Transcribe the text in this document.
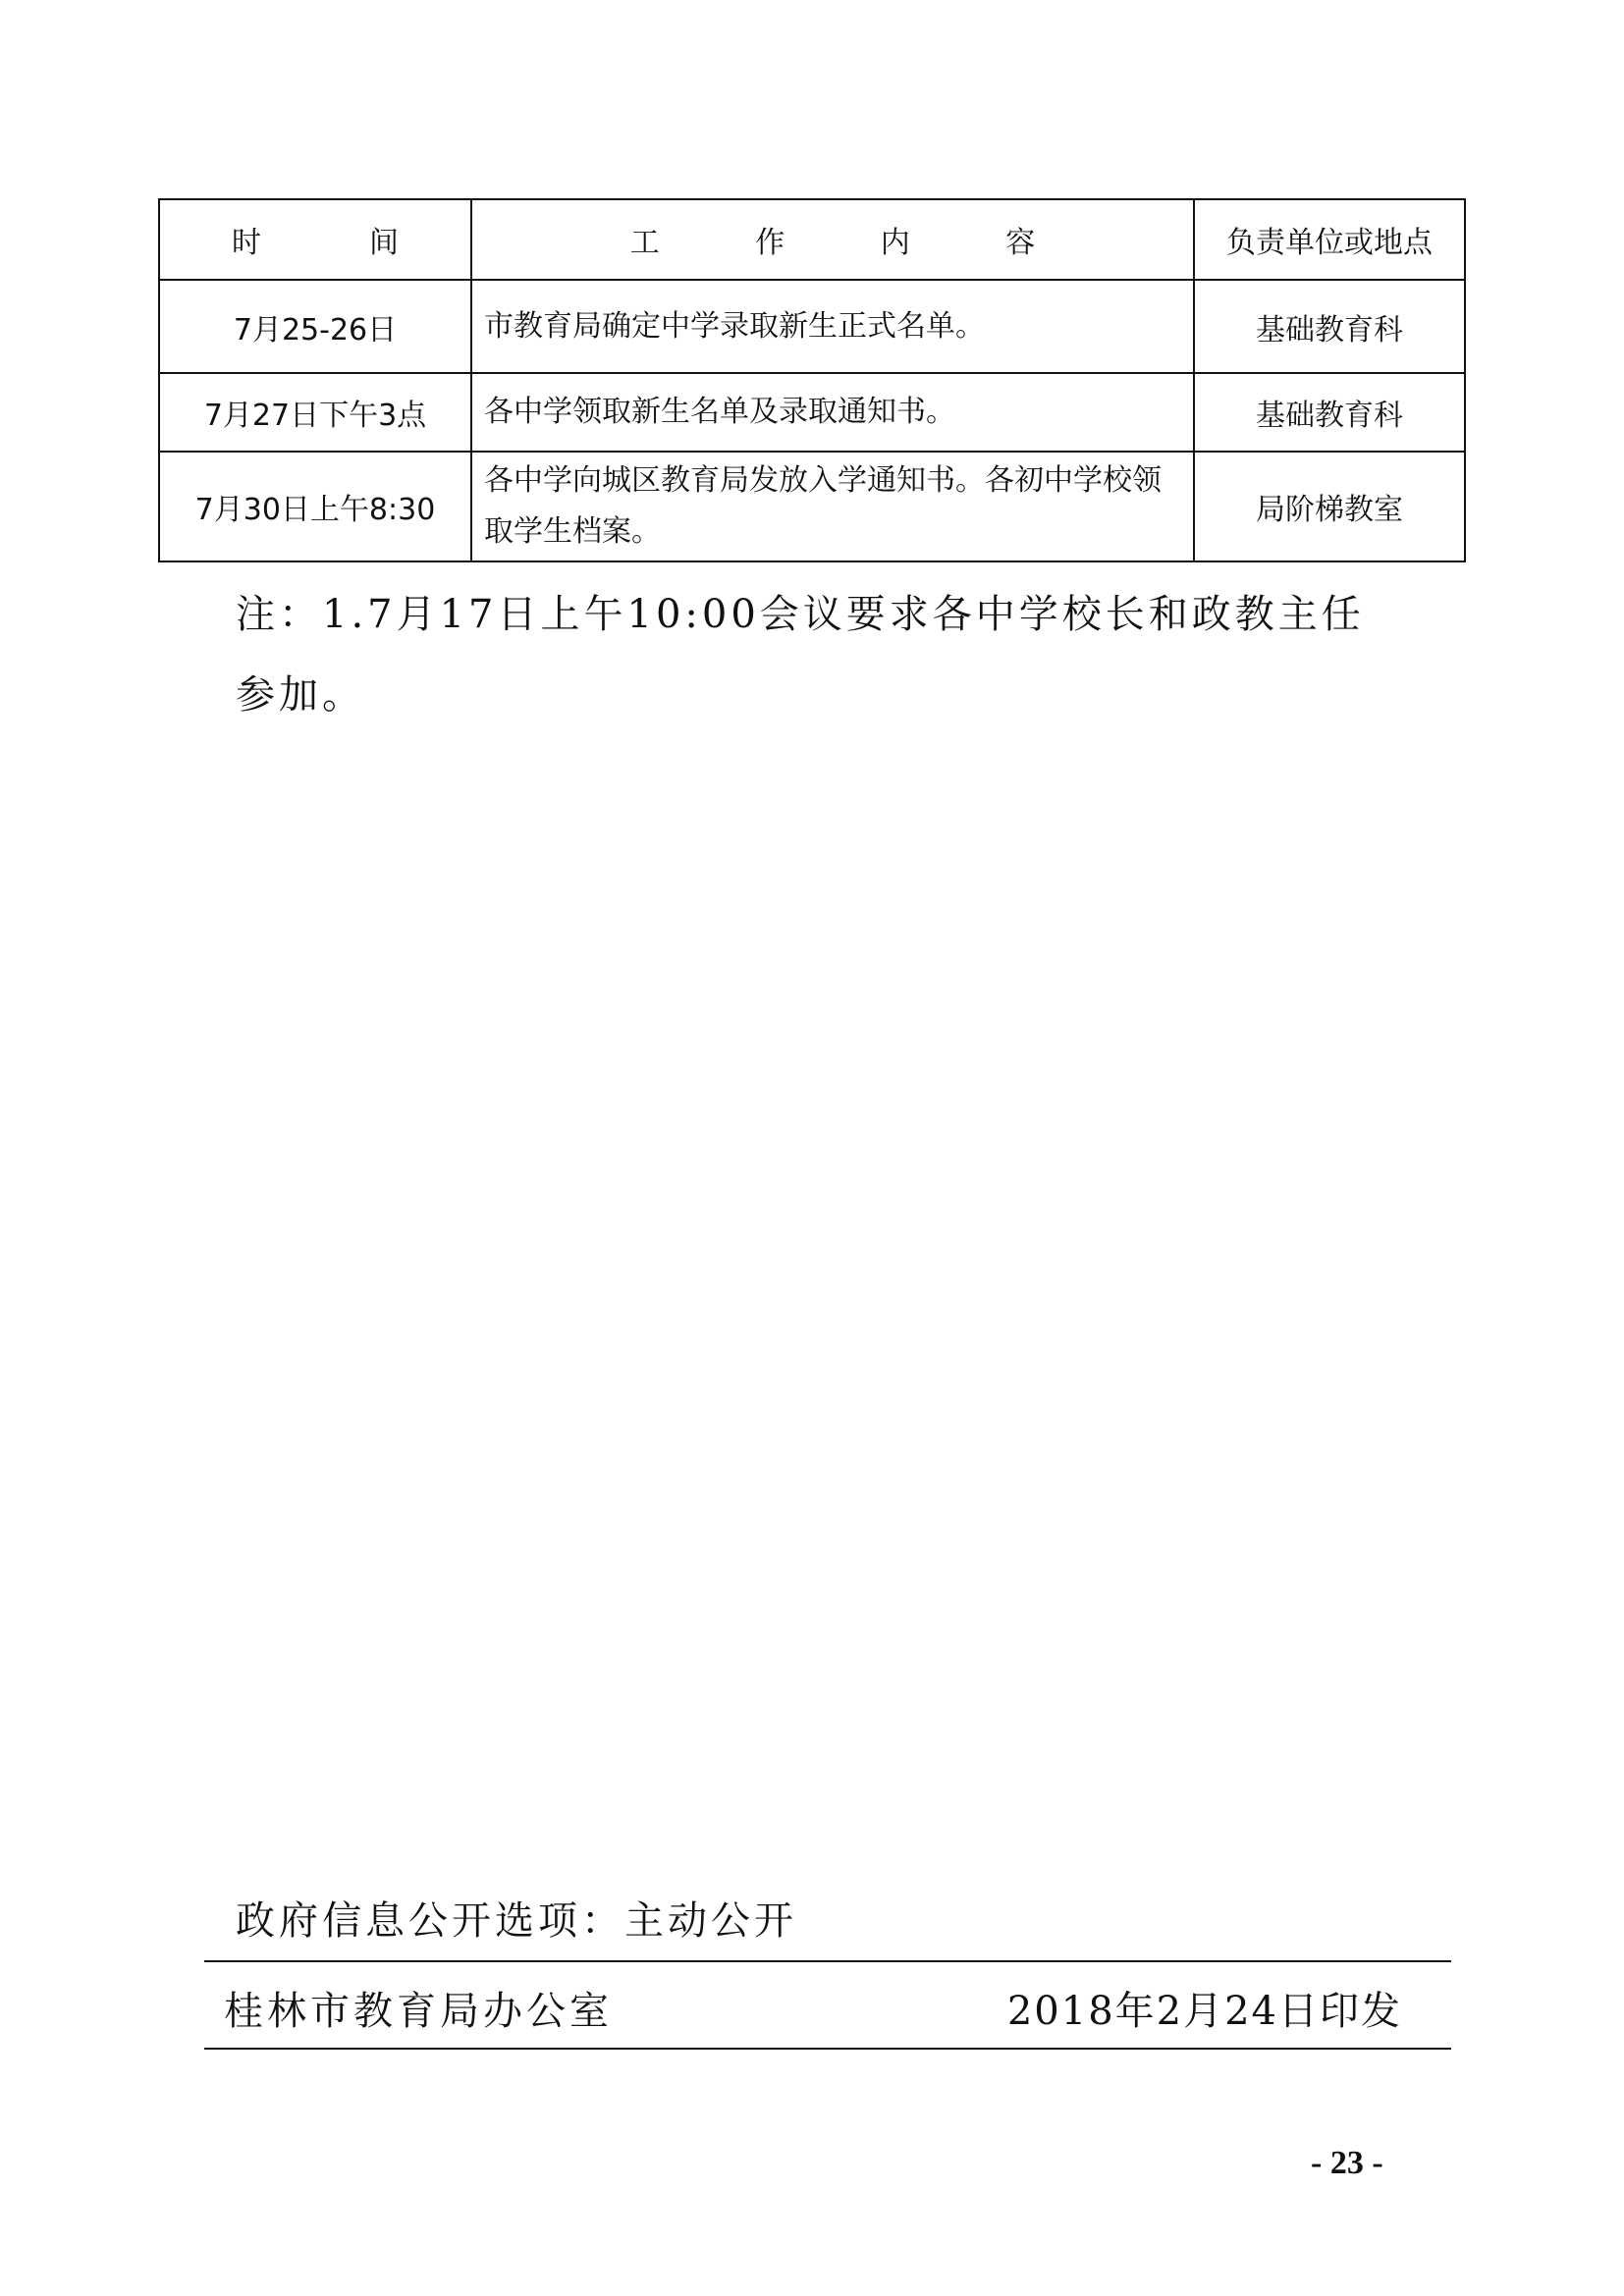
时　间	工 作 内 容	负责单位或地点
7月25-26日	市教育局确定中学录取新生正式名单。	基础教育科
7月27日下午3点	各中学领取新生名单及录取通知书。	基础教育科
7月30日上午8:30	各中学向城区教育局发放入学通知书。各初中学校领取学生档案。	局阶梯教室

注：1.7月17日上午10:00会议要求各中学校长和政教主任参加。

政府信息公开选项：主动公开

桂林市教育局办公室	2018年2月24日印发

- 23 -
